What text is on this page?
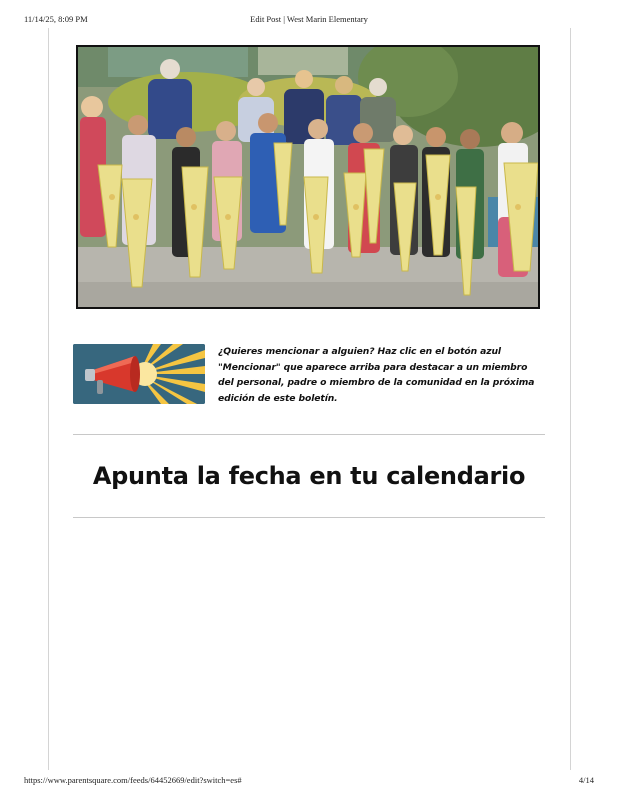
11/14/25, 8:09 PM	Edit Post | West Marin Elementary
¿Quieres mencionar a alguien? Haz clic en el botón azul "Mencionar" que aparece arriba para destacar a un miembro del personal, padre o miembro de la comunidad en la próxima edición de este boletín.
Apunta la fecha en tu calendario
https://www.parentsquare.com/feeds/64452669/edit?switch=es#	4/14
